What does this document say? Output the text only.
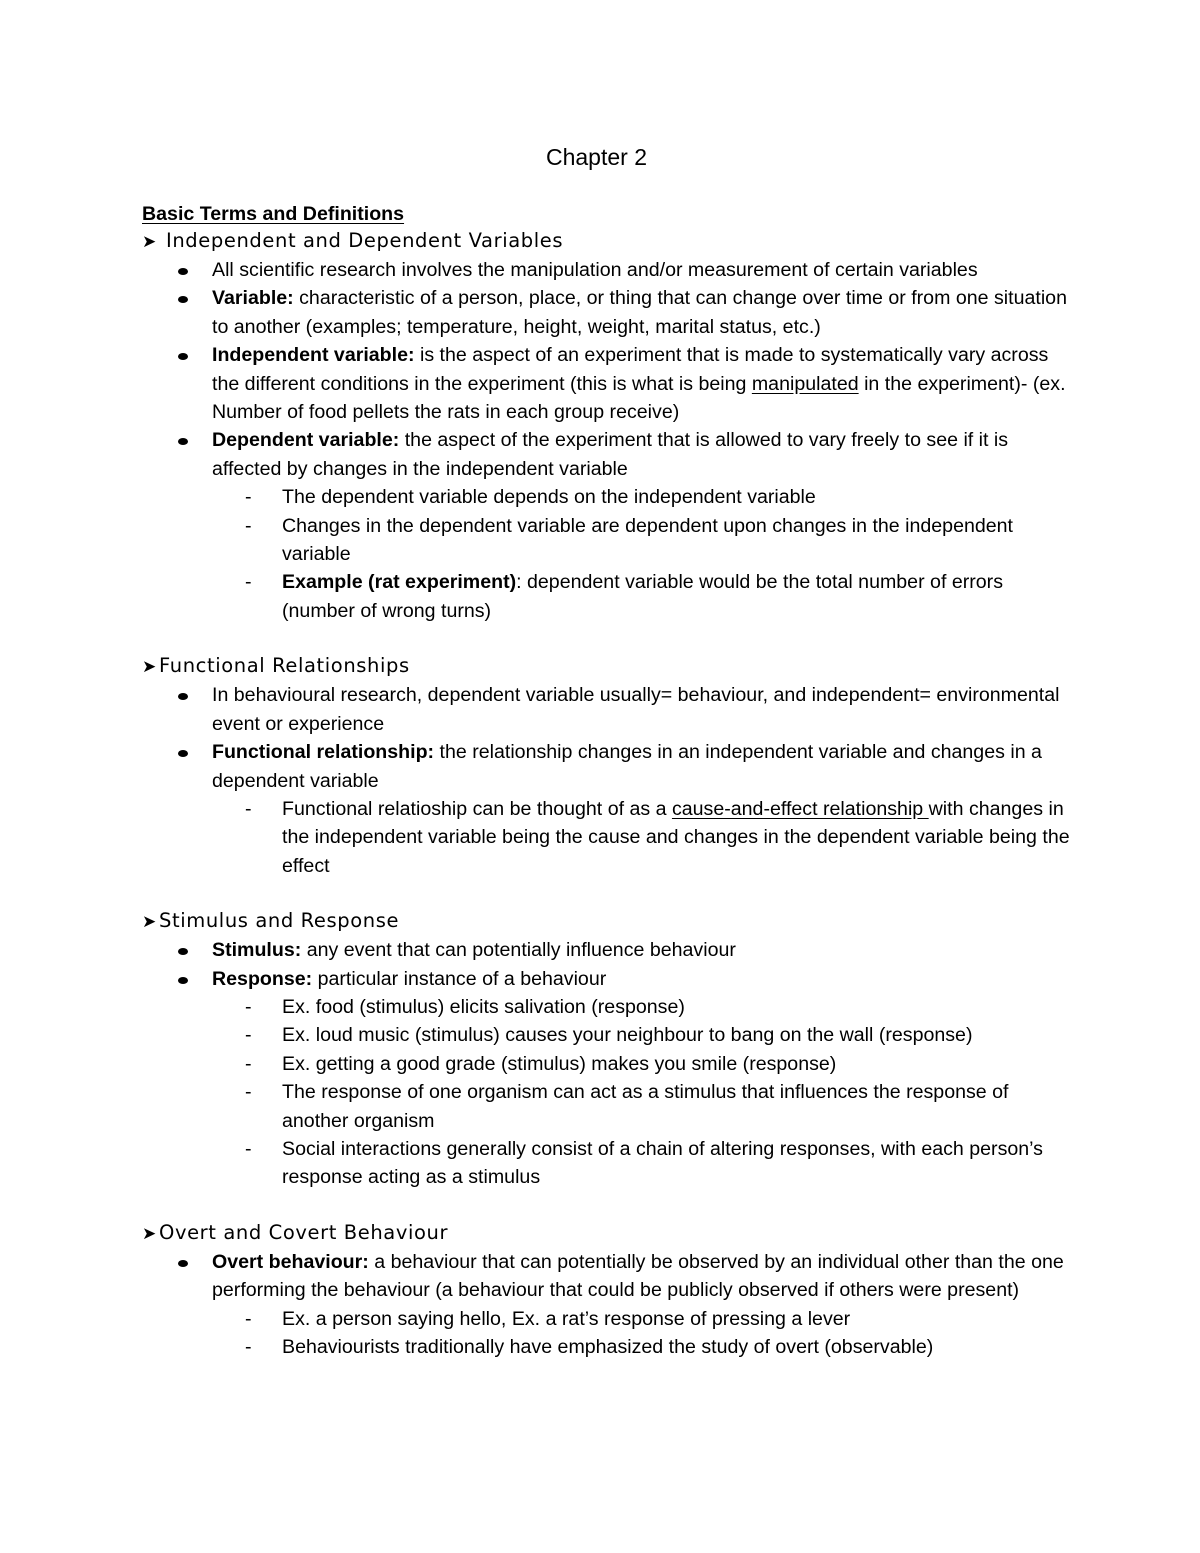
Chapter 2
Basic Terms and Definitions
➤ Independent and Dependent Variables
All scientific research involves the manipulation and/or measurement of certain variables
Variable: characteristic of a person, place, or thing that can change over time or from one situation to another (examples; temperature, height, weight, marital status, etc.)
Independent variable: is the aspect of an experiment that is made to systematically vary across the different conditions in the experiment (this is what is being manipulated in the experiment)- (ex. Number of food pellets the rats in each group receive)
Dependent variable: the aspect of the experiment that is allowed to vary freely to see if it is affected by changes in the independent variable
- The dependent variable depends on the independent variable
- Changes in the dependent variable are dependent upon changes in the independent variable
- Example (rat experiment): dependent variable would be the total number of errors (number of wrong turns)
➤ Functional Relationships
In behavioural research, dependent variable usually= behaviour, and independent= environmental event or experience
Functional relationship: the relationship changes in an independent variable and changes in a dependent variable
- Functional relatioship can be thought of as a cause-and-effect relationship with changes in the independent variable being the cause and changes in the dependent variable being the effect
➤ Stimulus and Response
Stimulus: any event that can potentially influence behaviour
Response: particular instance of a behaviour
- Ex. food (stimulus) elicits salivation (response)
- Ex. loud music (stimulus) causes your neighbour to bang on the wall (response)
- Ex. getting a good grade (stimulus) makes you smile (response)
- The response of one organism can act as a stimulus that influences the response of another organism
- Social interactions generally consist of a chain of altering responses, with each person’s response acting as a stimulus
➤ Overt and Covert Behaviour
Overt behaviour: a behaviour that can potentially be observed by an individual other than the one performing the behaviour (a behaviour that could be publicly observed if others were present)
- Ex. a person saying hello, Ex. a rat’s response of pressing a lever
- Behaviourists traditionally have emphasized the study of overt (observable)
